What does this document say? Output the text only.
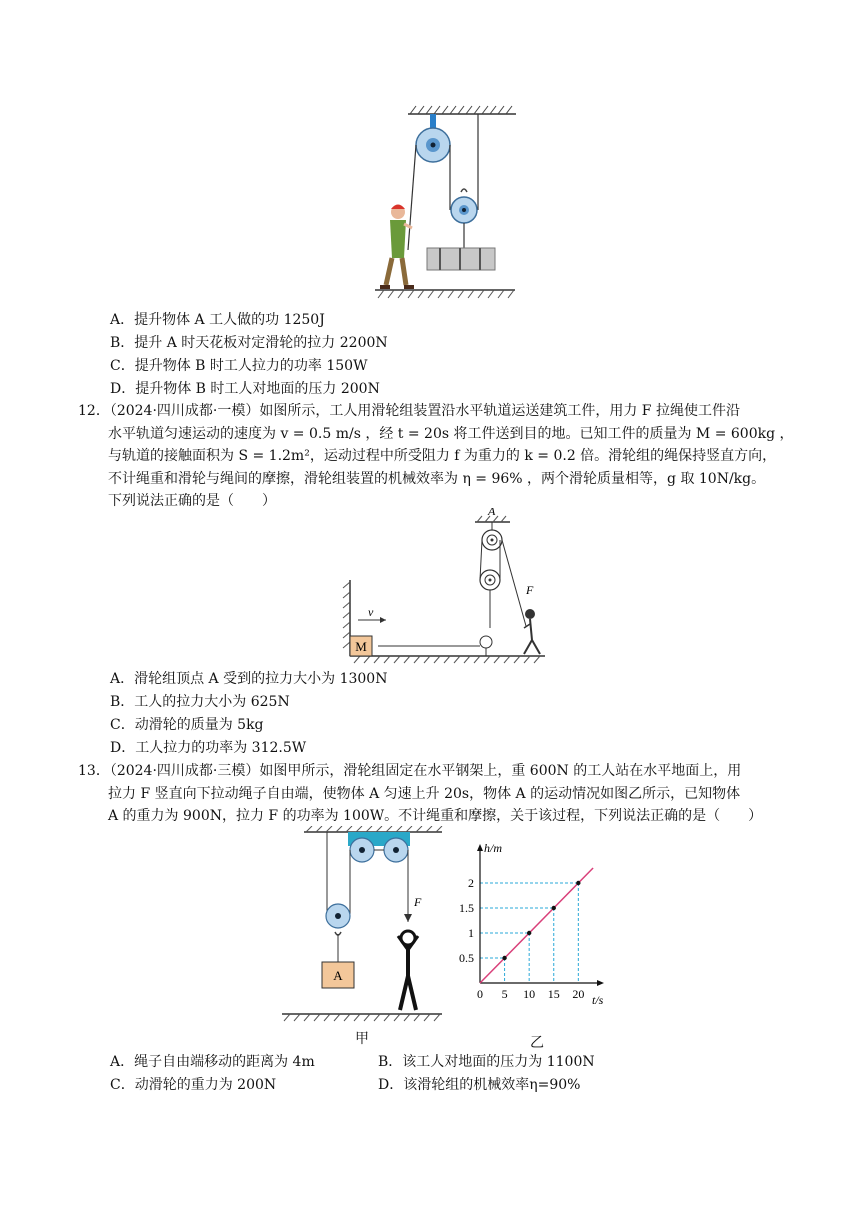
A．提升物体 A 工人做的功 1250J
B．提升 A 时天花板对定滑轮的拉力 2200N
C．提升物体 B 时工人拉力的功率 150W
D．提升物体 B 时工人对地面的压力 200N
12．（2024·四川成都·一模）如图所示，工人用滑轮组装置沿水平轨道运送建筑工件，用力 F 拉绳使工件沿
水平轨道匀速运动的速度为 v = 0.5 m/s ，经 t = 20s 将工件送到目的地。已知工件的质量为 M = 600kg ，
与轨道的接触面积为 S = 1.2m²，运动过程中所受阻力 f 为重力的 k = 0.2 倍。滑轮组的绳保持竖直方向，
不计绳重和滑轮与绳间的摩擦，滑轮组装置的机械效率为 η = 96% ，两个滑轮质量相等，g 取 10N/kg。
下列说法正确的是（　　）
M
v
A
F
A．滑轮组顶点 A 受到的拉力大小为 1300N
B．工人的拉力大小为 625N
C．动滑轮的质量为 5kg
D．工人拉力的功率为 312.5W
13．（2024·四川成都·三模）如图甲所示，滑轮组固定在水平钢架上，重 600N 的工人站在水平地面上，用
拉力 F 竖直向下拉动绳子自由端，使物体 A 匀速上升 20s，物体 A 的运动情况如图乙所示，已知物体
A 的重力为 900N，拉力 F 的功率为 100W。不计绳重和摩擦，关于该过程，下列说法正确的是（　　）
F
A
甲
h/m
t/s
0 5 10 15 20
0.5
1
1.5
2
乙
A．绳子自由端移动的距离为 4m	B．该工人对地面的压力为 1100N
C．动滑轮的重力为 200N	D．该滑轮组的机械效率η=90%
